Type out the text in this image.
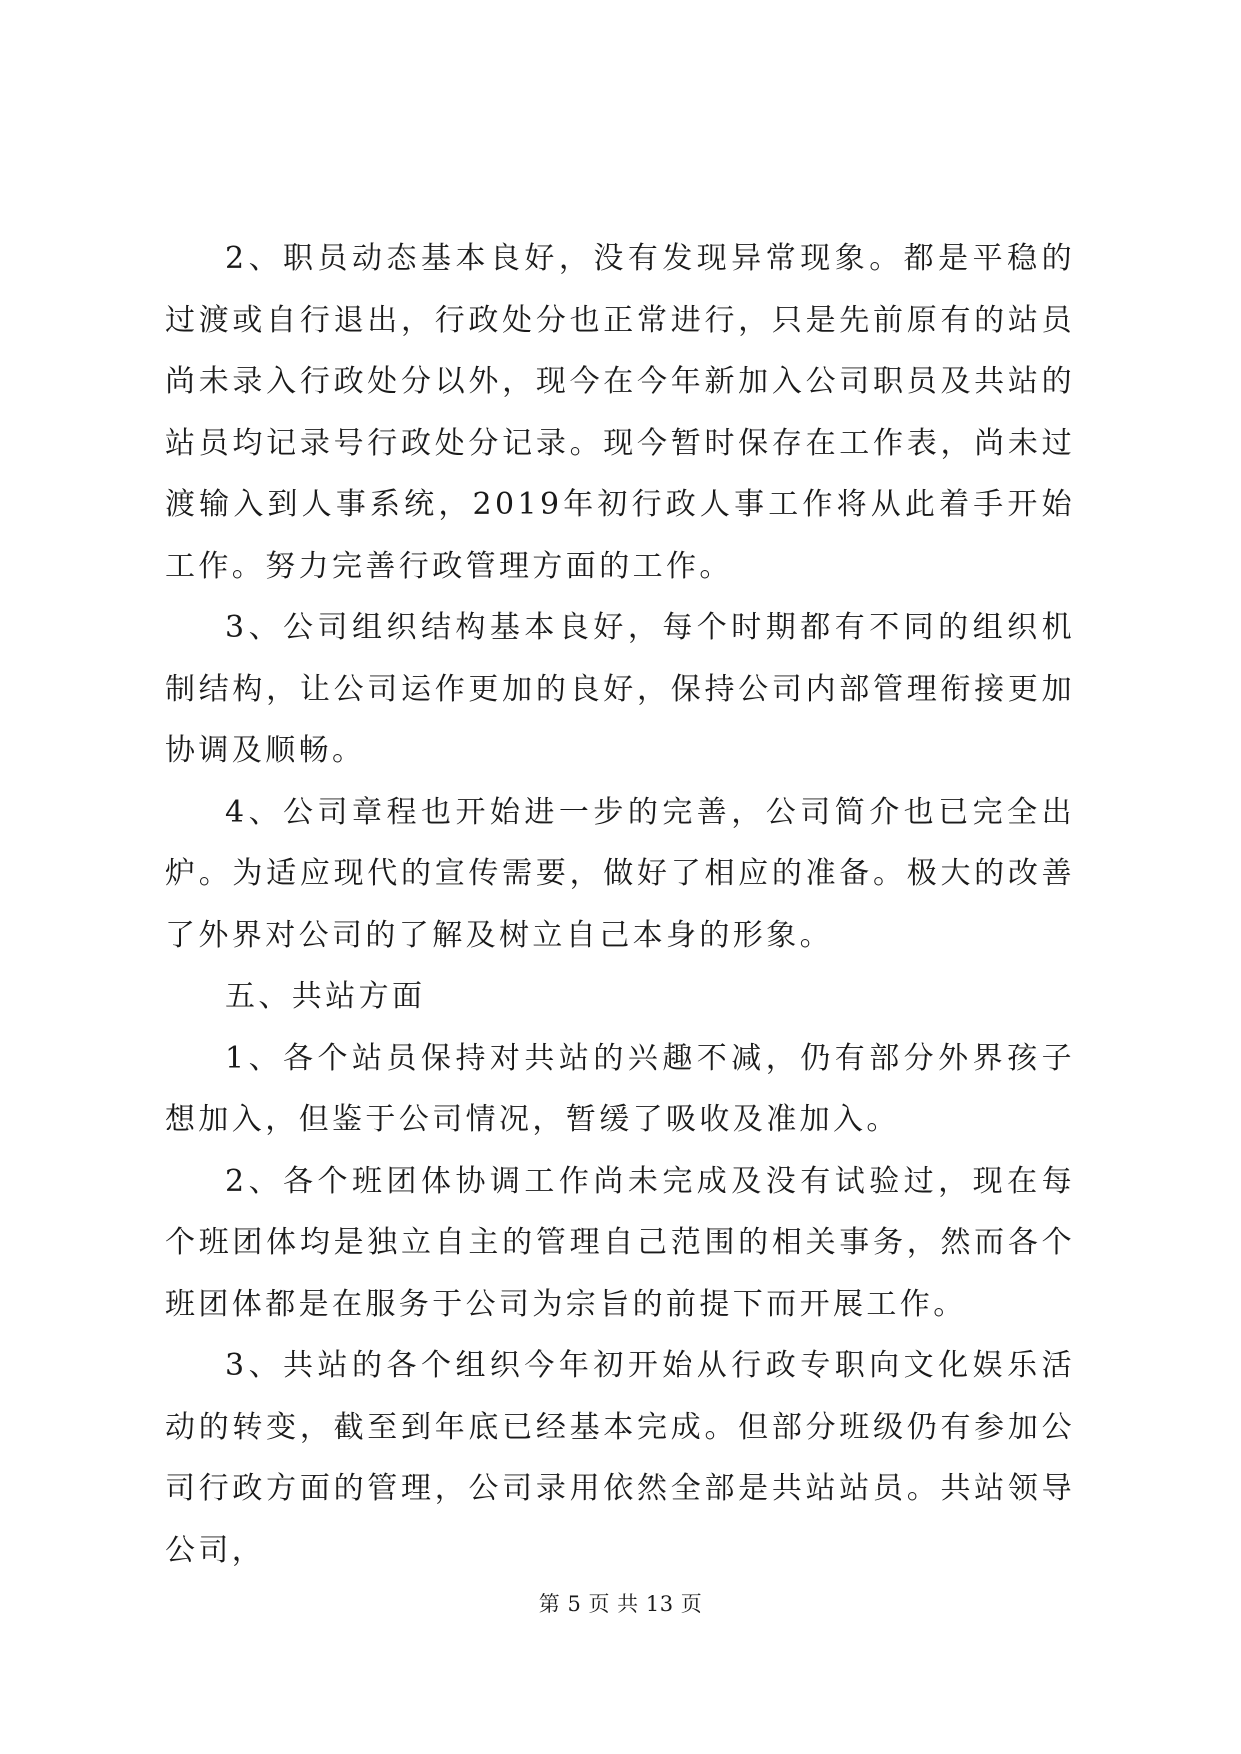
2、职员动态基本良好，没有发现异常现象。都是平稳的过渡或自行退出，行政处分也正常进行，只是先前原有的站员尚未录入行政处分以外，现今在今年新加入公司职员及共站的站员均记录号行政处分记录。现今暂时保存在工作表，尚未过渡输入到人事系统，2019年初行政人事工作将从此着手开始工作。努力完善行政管理方面的工作。

3、公司组织结构基本良好，每个时期都有不同的组织机制结构，让公司运作更加的良好，保持公司内部管理衔接更加协调及顺畅。

4、公司章程也开始进一步的完善，公司简介也已完全出炉。为适应现代的宣传需要，做好了相应的准备。极大的改善了外界对公司的了解及树立自己本身的形象。

五、共站方面

1、各个站员保持对共站的兴趣不减，仍有部分外界孩子想加入，但鉴于公司情况，暂缓了吸收及准加入。

2、各个班团体协调工作尚未完成及没有试验过，现在每个班团体均是独立自主的管理自己范围的相关事务，然而各个班团体都是在服务于公司为宗旨的前提下而开展工作。

3、共站的各个组织今年初开始从行政专职向文化娱乐活动的转变，截至到年底已经基本完成。但部分班级仍有参加公司行政方面的管理，公司录用依然全部是共站站员。共站领导公司，

第 5 页 共 13 页
